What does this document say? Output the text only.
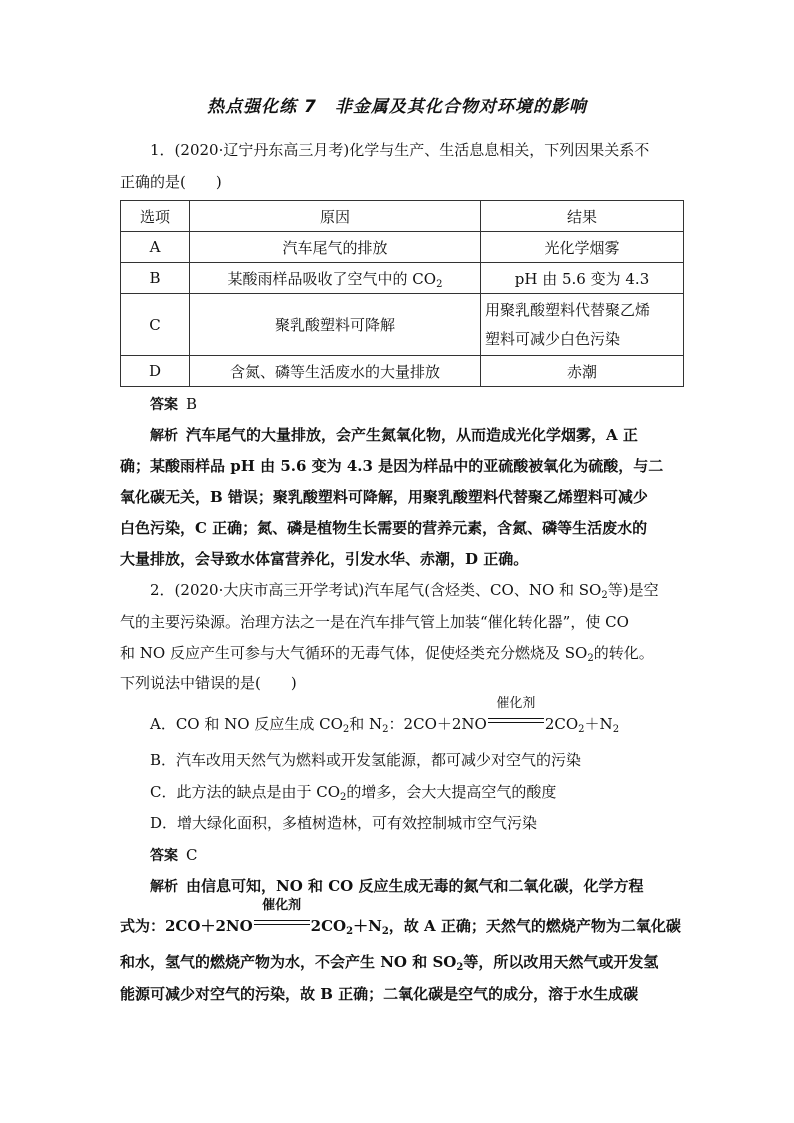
热点强化练 7　非金属及其化合物对环境的影响
1．(2020·辽宁丹东高三月考)化学与生产、生活息息相关，下列因果关系不
正确的是(　　)
选项	原因	结果
A	汽车尾气的排放	光化学烟雾
B	某酸雨样品吸收了空气中的 $CO_2$	pH 由 5.6 变为 4.3
C	聚乳酸塑料可降解	用聚乳酸塑料代替聚乙烯
塑料可减少白色污染

D	含氮、磷等生活废水的大量排放	赤潮
答案 B
解析 汽车尾气的大量排放，会产生氮氧化物，从而造成光化学烟雾，A 正
确；某酸雨样品 pH 由 5.6 变为 4.3 是因为样品中的亚硫酸被氧化为硫酸，与二
氧化碳无关，B 错误；聚乳酸塑料可降解，用聚乳酸塑料代替聚乙烯塑料可减少
白色污染，C 正确；氮、磷是植物生长需要的营养元素，含氮、磷等生活废水的
大量排放，会导致水体富营养化，引发水华、赤潮，D 正确。
2．(2020·大庆市高三开学考试)汽车尾气(含烃类、CO、NO 和 $SO_2$等)是空
气的主要污染源。治理方法之一是在汽车排气管上加装“催化转化器”，使 CO
和 NO 反应产生可参与大气循环的无毒气体，促使烃类充分燃烧及 $SO_2$的转化。
下列说法中错误的是(　　)
A．CO 和 NO 反应生成 $CO_2$和 $N_2$：2CO＋2NO
催化剂
$2CO_2+N_2$
B．汽车改用天然气为燃料或开发氢能源，都可减少对空气的污染
C．此方法的缺点是由于 $CO_2$的增多，会大大提高空气的酸度
D．增大绿化面积，多植树造林，可有效控制城市空气污染
答案 C
解析 由信息可知，NO 和 CO 反应生成无毒的氮气和二氧化碳，化学方程
式为：2CO＋2NO
催化剂
$2CO_2+N_2$，故 A 正确；天然气的燃烧产物为二氧化碳
和水，氢气的燃烧产物为水，不会产生 NO 和 $SO_2$等，所以改用天然气或开发氢
能源可减少对空气的污染，故 B 正确；二氧化碳是空气的成分，溶于水生成碳
